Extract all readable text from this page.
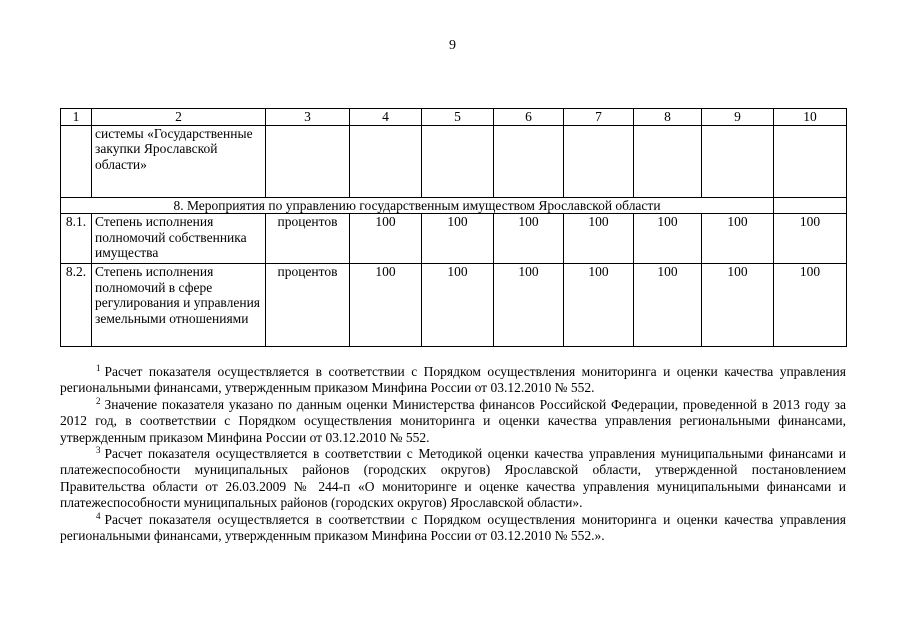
9
1	2	3	4	5	6	7	8	9	10
	системы «Государственные закупки Ярославской области»								
8. Мероприятия по управлению государственным имуществом Ярославской области									
8.1.	Степень исполнения полномочий собственника имущества	процентов	100	100	100	100	100	100	100
8.2.	Степень исполнения полномочий в сфере регулирования и управления земельными отношениями	процентов	100	100	100	100	100	100	100

$^1$ Расчет показателя осуществляется в соответствии с Порядком осуществления мониторинга и оценки качества управления региональными финансами, утвержденным приказом Минфина России от 03.12.2010 № 552.

$^2$ Значение показателя указано по данным оценки Министерства финансов Российской Федерации, проведенной в 2013 году за 2012 год, в соответствии с Порядком осуществления мониторинга и оценки качества управления региональными финансами, утвержденным приказом Минфина России от 03.12.2010 № 552.

$^3$ Расчет показателя осуществляется в соответствии с Методикой оценки качества управления муниципальными финансами и платежеспособности муниципальных районов (городских округов) Ярославской области, утвержденной постановлением Правительства области от 26.03.2009 № 244-п «О мониторинге и оценке качества управления муниципальными финансами и платежеспособности муниципальных районов (городских округов) Ярославской области».

$^4$ Расчет показателя осуществляется в соответствии с Порядком осуществления мониторинга и оценки качества управления региональными финансами, утвержденным приказом Минфина России от 03.12.2010 № 552.».
